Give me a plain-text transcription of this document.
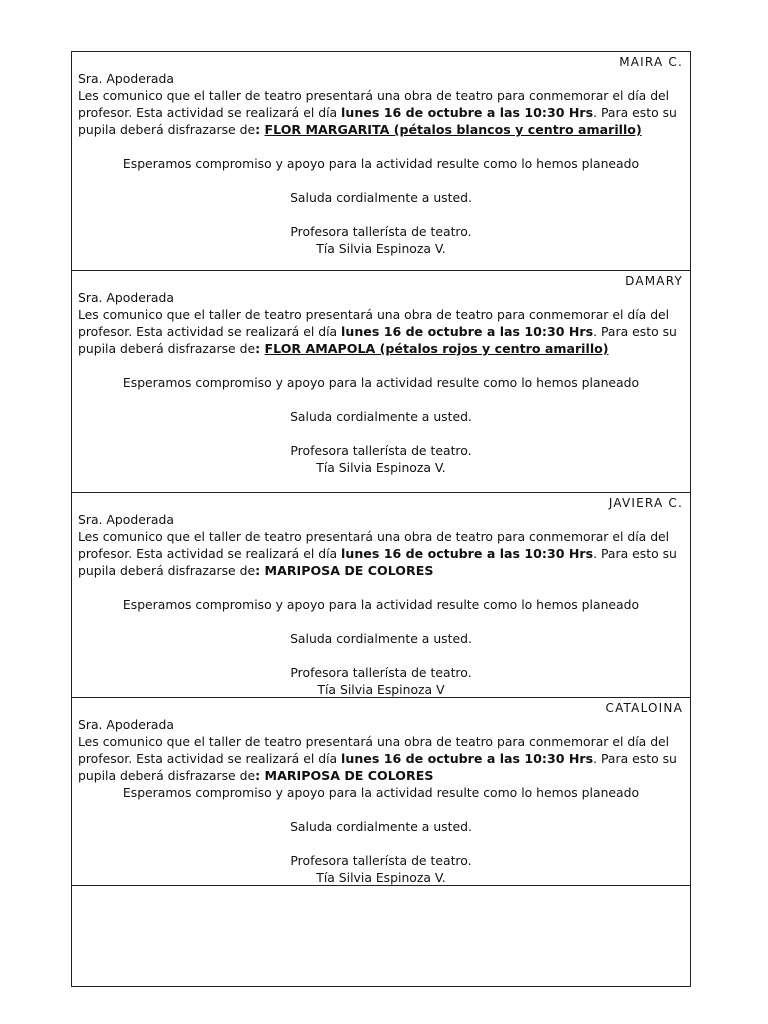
MAIRA C.

Sra. Apoderada

Les comunico que el taller de teatro presentará una obra de teatro para conmemorar el día del profesor. Esta actividad se realizará el día lunes 16 de octubre a las 10:30 Hrs. Para esto su pupila deberá disfrazarse de: FLOR MARGARITA (pétalos blancos y centro amarillo)

Esperamos compromiso y apoyo para la actividad resulte como lo hemos planeado

Saluda cordialmente a usted.

Profesora tallerísta de teatro.

Tía Silvia Espinoza V.

DAMARY

Sra. Apoderada

Les comunico que el taller de teatro presentará una obra de teatro para conmemorar el día del profesor. Esta actividad se realizará el día lunes 16 de octubre a las 10:30 Hrs. Para esto su pupila deberá disfrazarse de: FLOR AMAPOLA (pétalos rojos y centro amarillo)

Esperamos compromiso y apoyo para la actividad resulte como lo hemos planeado

Saluda cordialmente a usted.

Profesora tallerísta de teatro.

Tía Silvia Espinoza V.

JAVIERA C.

Sra. Apoderada

Les comunico que el taller de teatro presentará una obra de teatro para conmemorar el día del profesor. Esta actividad se realizará el día lunes 16 de octubre a las 10:30 Hrs. Para esto su pupila deberá disfrazarse de: MARIPOSA DE COLORES

Esperamos compromiso y apoyo para la actividad resulte como lo hemos planeado

Saluda cordialmente a usted.

Profesora tallerísta de teatro.

Tía Silvia Espinoza V

CATALOINA

Sra. Apoderada

Les comunico que el taller de teatro presentará una obra de teatro para conmemorar el día del profesor. Esta actividad se realizará el día lunes 16 de octubre a las 10:30 Hrs. Para esto su pupila deberá disfrazarse de: MARIPOSA DE COLORES

Esperamos compromiso y apoyo para la actividad resulte como lo hemos planeado

Saluda cordialmente a usted.

Profesora tallerísta de teatro.

Tía Silvia Espinoza V.
